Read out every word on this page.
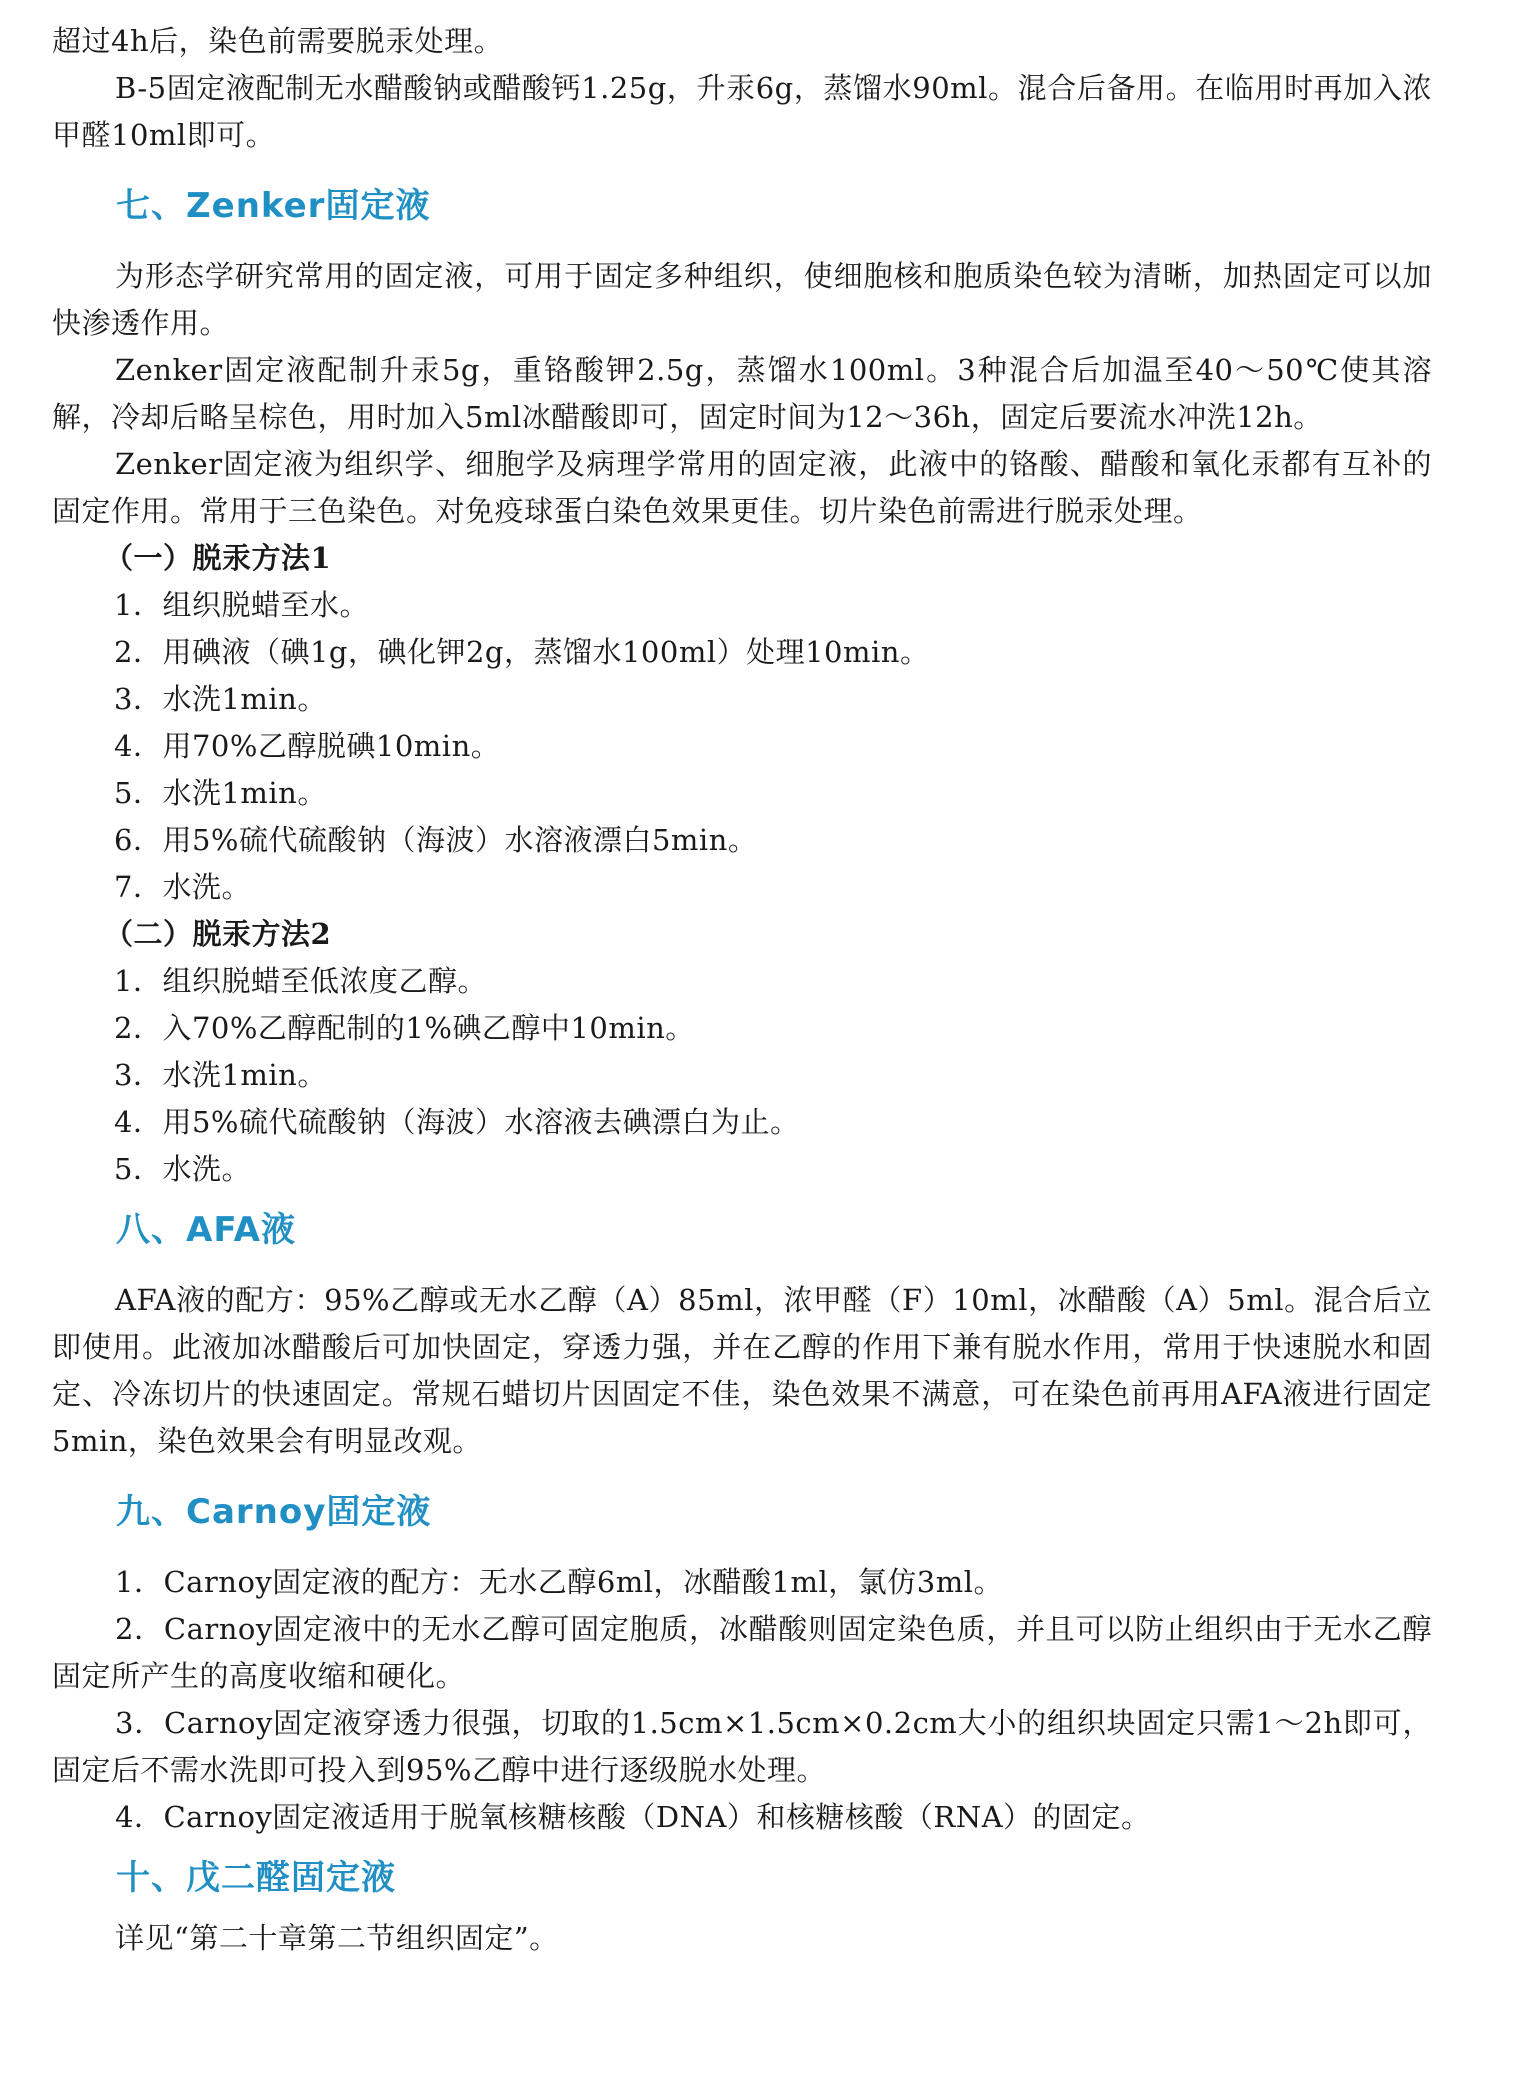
超过4h后，染色前需要脱汞处理。

B-5固定液配制无水醋酸钠或醋酸钙1.25g，升汞6g，蒸馏水90ml。混合后备用。在临用时再加入浓甲醛10ml即可。

七、Zenker固定液

为形态学研究常用的固定液，可用于固定多种组织，使细胞核和胞质染色较为清晰，加热固定可以加快渗透作用。

Zenker固定液配制升汞5g，重铬酸钾2.5g，蒸馏水100ml。3种混合后加温至40～50℃使其溶解，冷却后略呈棕色，用时加入5ml冰醋酸即可，固定时间为12～36h，固定后要流水冲洗12h。

Zenker固定液为组织学、细胞学及病理学常用的固定液，此液中的铬酸、醋酸和氧化汞都有互补的固定作用。常用于三色染色。对免疫球蛋白染色效果更佳。切片染色前需进行脱汞处理。

（一）脱汞方法1

1．组织脱蜡至水。

2．用碘液（碘1g，碘化钾2g，蒸馏水100ml）处理10min。

3．水洗1min。

4．用70%乙醇脱碘10min。

5．水洗1min。

6．用5%硫代硫酸钠（海波）水溶液漂白5min。

7．水洗。

（二）脱汞方法2

1．组织脱蜡至低浓度乙醇。

2．入70%乙醇配制的1%碘乙醇中10min。

3．水洗1min。

4．用5%硫代硫酸钠（海波）水溶液去碘漂白为止。

5．水洗。

八、AFA液

AFA液的配方：95%乙醇或无水乙醇（A）85ml，浓甲醛（F）10ml，冰醋酸（A）5ml。混合后立即使用。此液加冰醋酸后可加快固定，穿透力强，并在乙醇的作用下兼有脱水作用，常用于快速脱水和固定、冷冻切片的快速固定。常规石蜡切片因固定不佳，染色效果不满意，可在染色前再用AFA液进行固定5min，染色效果会有明显改观。

九、Carnoy固定液

1．Carnoy固定液的配方：无水乙醇6ml，冰醋酸1ml，氯仿3ml。

2．Carnoy固定液中的无水乙醇可固定胞质，冰醋酸则固定染色质，并且可以防止组织由于无水乙醇固定所产生的高度收缩和硬化。

3．Carnoy固定液穿透力很强，切取的1.5cm×1.5cm×0.2cm大小的组织块固定只需1～2h即可，固定后不需水洗即可投入到95%乙醇中进行逐级脱水处理。

4．Carnoy固定液适用于脱氧核糖核酸（DNA）和核糖核酸（RNA）的固定。

十、戊二醛固定液

详见“第二十章第二节组织固定”。
